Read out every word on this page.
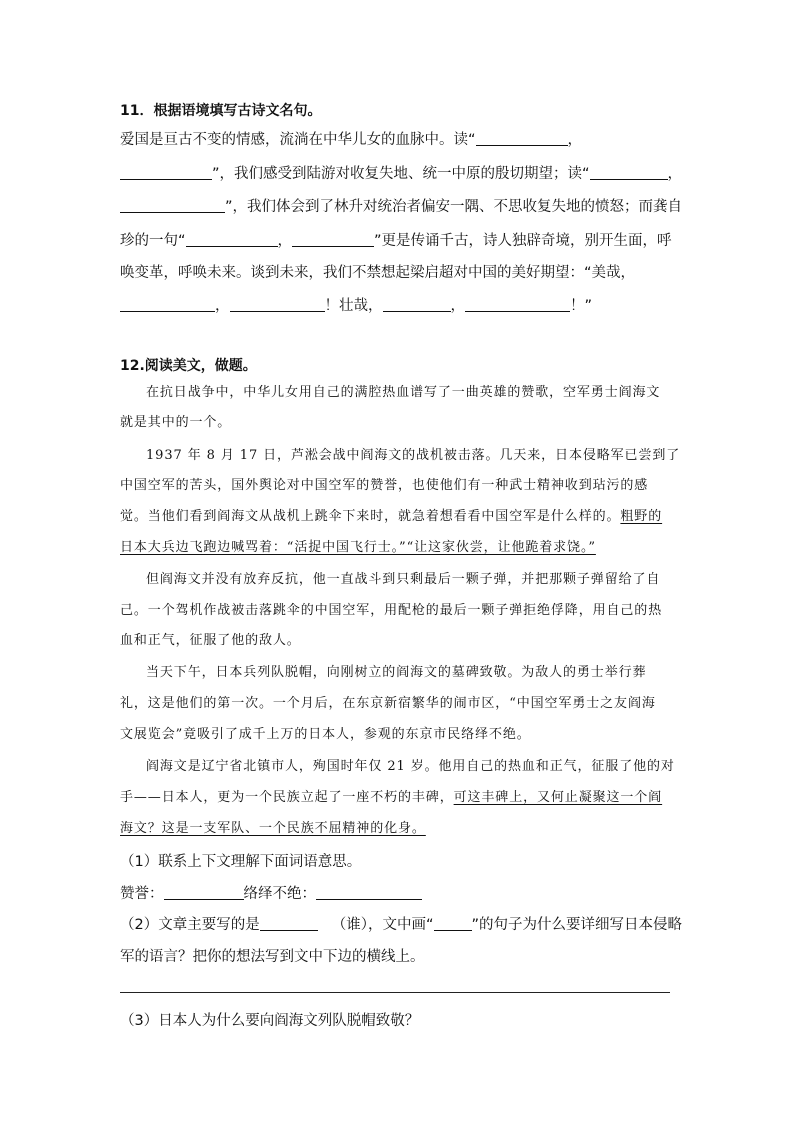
11．根据语境填写古诗文名句。
爱国是亘古不变的情感，流淌在中华儿女的血脉中。读“	，
”，我们感受到陆游对收复失地、统一中原的殷切期望；读“	，
”，我们体会到了林升对统治者偏安一隅、不思收复失地的愤怒；而龚自
珍的一句“	，	”更是传诵千古，诗人独辟奇境，别开生面，呼
唤变革，呼唤未来。谈到未来，我们不禁想起梁启超对中国的美好期望：“美哉，
，	！壮哉，	，	！”
12.阅读美文，做题。
在抗日战争中，中华儿女用自己的满腔热血谱写了一曲英雄的赞歌，空军勇士阎海文
就是其中的一个。
1937 年 8 月 17 日，芦淞会战中阎海文的战机被击落。几天来，日本侵略军已尝到了
中国空军的苦头，国外舆论对中国空军的赞誉，也使他们有一种武士精神收到玷污的感
觉。当他们看到阎海文从战机上跳伞下来时，就急着想看看中国空军是什么样的。粗野的
日本大兵边飞跑边喊骂着：“活捉中国飞行士。”“让这家伙尝，让他跪着求饶。”
但阎海文并没有放弃反抗，他一直战斗到只剩最后一颗子弹，并把那颗子弹留给了自
己。一个驾机作战被击落跳伞的中国空军，用配枪的最后一颗子弹拒绝俘降，用自己的热
血和正气，征服了他的敌人。
当天下午，日本兵列队脱帽，向刚树立的阎海文的墓碑致敬。为敌人的勇士举行葬
礼，这是他们的第一次。一个月后，在东京新宿繁华的闹市区，“中国空军勇士之友阎海
文展览会”竟吸引了成千上万的日本人，参观的东京市民络绎不绝。
阎海文是辽宁省北镇市人，殉国时年仅 21 岁。他用自己的热血和正气，征服了他的对
手——日本人，更为一个民族立起了一座不朽的丰碑，可这丰碑上，又何止凝聚这一个阎
海文？这是一支军队、一个民族不屈精神的化身。
（1）联系上下文理解下面词语意思。
赞誉：	络绎不绝：
（2）文章主要写的是	（谁），文中画“	”的句子为什么要详细写日本侵略
军的语言？把你的想法写到文中下边的横线上。
（3）日本人为什么要向阎海文列队脱帽致敬？
